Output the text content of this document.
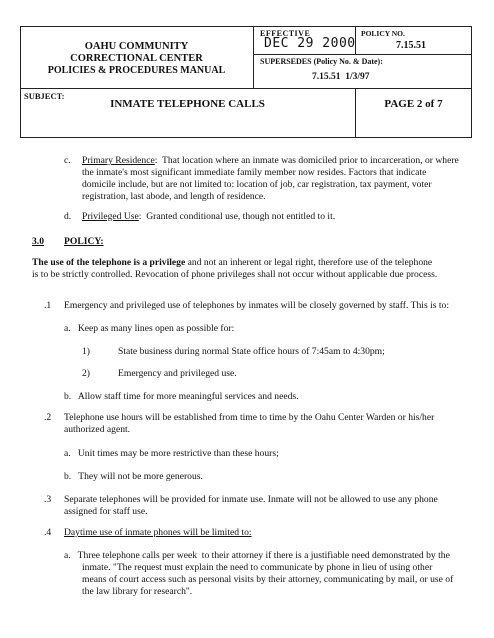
OAHU COMMUNITY
CORRECTIONAL CENTER
POLICIES & PROCEDURES MANUAL
EFFECTIVE
DEC 29 2000
POLICY NO.
7.15.51
SUPERSEDES (Policy No. & Date):
7.15.51  1/3/97
SUBJECT:
INMATE TELEPHONE CALLS	PAGE 2 of 7
c. Primary Residence:  That location where an inmate was domiciled prior to incarceration, or where
the inmate's most significant immediate family member now resides. Factors that indicate
domicile include, but are not limited to: location of job, car registration, tax payment, voter
registration, last abode, and length of residence.
d. Privileged Use:  Granted conditional use, though not entitled to it.
3.0 POLICY:
The use of the telephone is a privilege and not an inherent or legal right, therefore use of the telephone
is to be strictly controlled. Revocation of phone privileges shall not occur without applicable due process.
.1 Emergency and privileged use of telephones by inmates will be closely governed by staff. This is to:
a.   Keep as many lines open as possible for:
1)	State business during normal State office hours of 7:45am to 4:30pm;
2)	Emergency and privileged use.
b.   Allow staff time for more meaningful services and needs.
.2 Telephone use hours will be established from time to time by the Oahu Center Warden or his/her
authorized agent.
a.   Unit times may be more restrictive than these hours;
b.   They will not be more generous.
.3 Separate telephones will be provided for inmate use. Inmate will not be allowed to use any phone
assigned for staff use.
.4 Daytime use of inmate phones will be limited to:
a.   Three telephone calls per week  to their attorney if there is a justifiable need demonstrated by the
inmate. "The request must explain the need to communicate by phone in lieu of using other
means of court access such as personal visits by their attorney, communicating by mail, or use of
the law library for research".
